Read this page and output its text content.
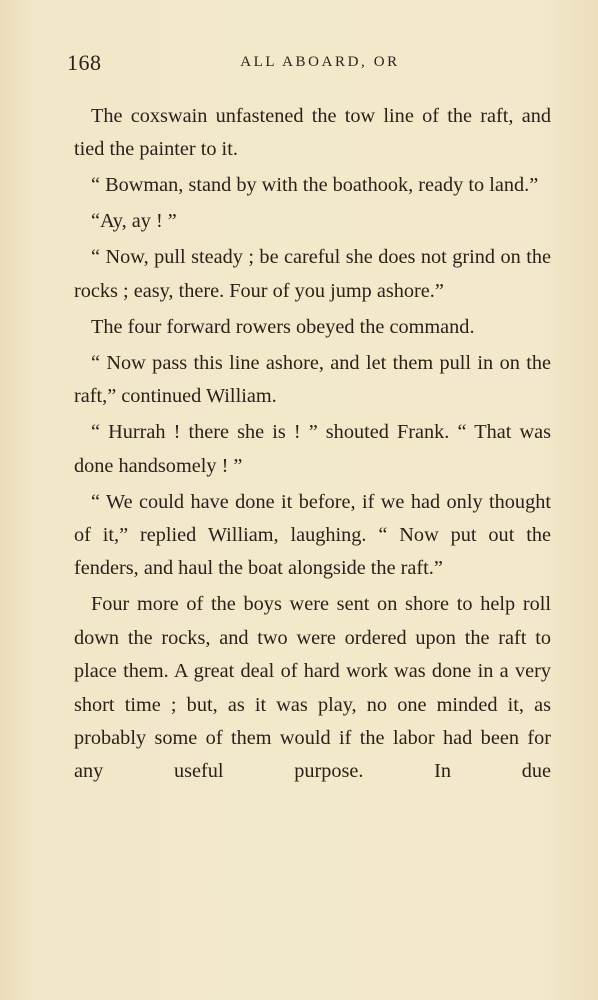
168	ALL ABOARD, OR

The coxswain unfastened the tow line of the raft, and tied the painter to it.

“ Bowman, stand by with the boathook, ready to land.”

“Ay, ay ! ”

“ Now, pull steady ; be careful she does not grind on the rocks ; easy, there. Four of you jump ashore.”

The four forward rowers obeyed the command.

“ Now pass this line ashore, and let them pull in on the raft,” continued William.

“ Hurrah ! there she is ! ” shouted Frank. “ That was done handsomely ! ”

“ We could have done it before, if we had only thought of it,” replied William, laughing. “ Now put out the fenders, and haul the boat alongside the raft.”

Four more of the boys were sent on shore to help roll down the rocks, and two were ordered upon the raft to place them. A great deal of hard work was done in a very short time ; but, as it was play, no one minded it, as probably some of them would if the labor had been for any useful purpose. In due
